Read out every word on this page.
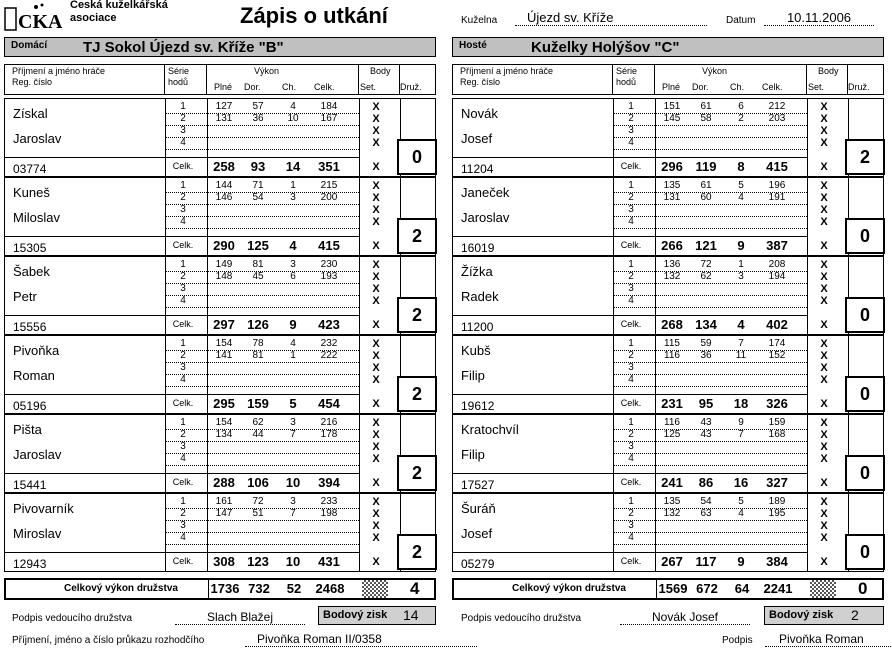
CKA
Česká kuželkářská
asociace	Zápis o utkání	Kuželna	Újezd sv. Kříže	Datum	10.11.2006
Domácí TJ Sokol Újezd sv. Kříže "B"	Hosté	Kuželky Holýšov "C"
Příjmení a jméno hráče
Reg. číslo
Série
hodů
Výkon
Plné Dor. Ch. Celk.
Body
Set.	Druž.
Získal
Jaroslav
03774
1	127	57	4	184	X
2	131	36	10	167	X
3	X
4	X
Celk.	258	93	14	351	X	0
Kuneš
Miloslav
15305
1	144	71	1	215	X
2	146	54	3	200	X
3	X
4	X
Celk.	290 125	4	415	X	2
Šabek
Petr
15556
1	149	81	3	230	X
2	148	45	6	193	X
3	X
4	X
Celk.	297 126	9	423	X	2
Pivoňka
Roman
05196
1	154	78	4	232	X
2	141	81	1	222	X
3	X
4	X
Celk.	295 159	5	454	X	2
Pišta
Jaroslav
15441
1	154	62	3	216	X
2	134	44	7	178	X
3	X
4	X
Celk.	288 106	10	394	X	2
Pivovarník
Miroslav
12943
1	161	72	3	233	X
2	147	51	7	198	X
3	X
4	X
Celk.	308 123	10	431	X	2
Celkový výkon družstva	1736 732	52	2468	4
Příjmení a jméno hráče
Reg. číslo
Série
hodů
Výkon
Plné Dor. Ch. Celk.
Body
Set.	Druž.
Novák
Josef
11204
1	151	61	6	212	X
2	145	58	2	203	X
3	X
4	X
Celk.	296 119	8	415	X	2
Janeček
Jaroslav
16019
1	135	61	5	196	X
2	131	60	4	191	X
3	X
4	X
Celk.	266 121	9	387	X	0
Žížka
Radek
11200
1	136	72	1	208	X
2	132	62	3	194	X
3	X
4	X
Celk.	268 134	4	402	X	0
Kubš
Filip
19612
1	115	59	7	174	X
2	116	36	11	152	X
3	X
4	X
Celk.	231	95	18	326	X	0
Kratochvíl
Filip
17527
1	116	43	9	159	X
2	125	43	7	168	X
3	X
4	X
Celk.	241	86	16	327	X	0
Šuráň
Josef
05279
1	135	54	5	189	X
2	132	63	4	195	X
3	X
4	X
Celk.	267 117	9	384	X	0
Celkový výkon družstva	1569 672	64	2241	0
Podpis vedoucího družstva	Slach Blažej	Bodový zisk 14	Podpis vedoucího družstva	Novák Josef	Bodový zisk 2
Příjmení, jméno a číslo průkazu rozhodčího	Pivoňka Roman II/0358	Podpis	Pivoňka Roman
